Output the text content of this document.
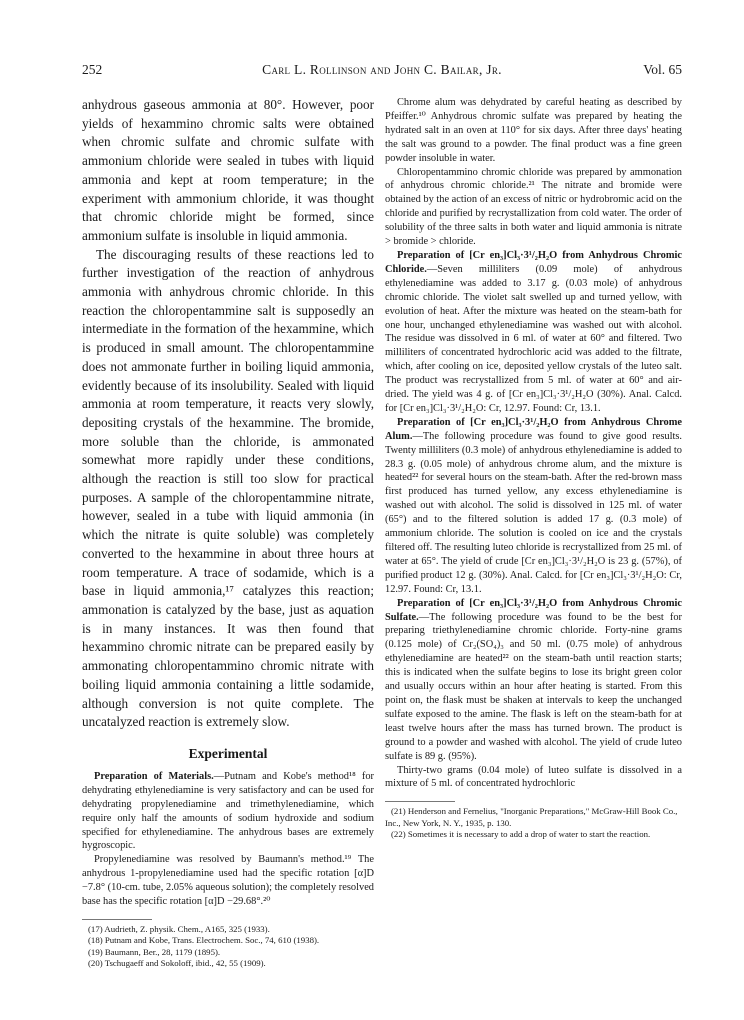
252	Carl L. Rollinson and John C. Bailar, Jr.	Vol. 65

anhydrous gaseous ammonia at 80°. However, poor yields of hexammino chromic salts were obtained when chromic sulfate and chromic sulfate with ammonium chloride were sealed in tubes with liquid ammonia and kept at room temperature; in the experiment with ammonium chloride, it was thought that chromic chloride might be formed, since ammonium sulfate is insoluble in liquid ammonia.

The discouraging results of these reactions led to further investigation of the reaction of anhydrous ammonia with anhydrous chromic chloride. In this reaction the chloropentammine salt is supposedly an intermediate in the formation of the hexammine, which is produced in small amount. The chloropentammine does not ammonate further in boiling liquid ammonia, evidently because of its insolubility. Sealed with liquid ammonia at room temperature, it reacts very slowly, depositing crystals of the hexammine. The bromide, more soluble than the chloride, is ammonated somewhat more rapidly under these conditions, although the reaction is still too slow for practical purposes. A sample of the chloropentammine nitrate, however, sealed in a tube with liquid ammonia (in which the nitrate is quite soluble) was completely converted to the hexammine in about three hours at room temperature. A trace of sodamide, which is a base in liquid ammonia,¹⁷ catalyzes this reaction; ammonation is catalyzed by the base, just as aquation is in many instances. It was then found that hexammino chromic nitrate can be prepared easily by ammonating chloropentammino chromic nitrate with boiling liquid ammonia containing a little sodamide, although conversion is not quite complete. The uncatalyzed reaction is extremely slow.

Experimental

Preparation of Materials.—Putnam and Kobe's method¹⁸ for dehydrating ethylenediamine is very satisfactory and can be used for dehydrating propylenediamine and trimethylenediamine, which require only half the amounts of sodium hydroxide and sodium specified for ethylenediamine. The anhydrous bases are extremely hygroscopic.

Propylenediamine was resolved by Baumann's method.¹⁹ The anhydrous 1-propylenediamine used had the specific rotation [α]D −7.8° (10-cm. tube, 2.05% aqueous solution); the completely resolved base has the specific rotation [α]D −29.68°.²⁰

(17) Audrieth, Z. physik. Chem., A165, 325 (1933).

(18) Putnam and Kobe, Trans. Electrochem. Soc., 74, 610 (1938).

(19) Baumann, Ber., 28, 1179 (1895).

(20) Tschugaeff and Sokoloff, ibid., 42, 55 (1909).

Chrome alum was dehydrated by careful heating as described by Pfeiffer.¹⁰ Anhydrous chromic sulfate was prepared by heating the hydrated salt in an oven at 110° for six days. After three days' heating the salt was ground to a powder. The final product was a fine green powder insoluble in water.

Chloropentammino chromic chloride was prepared by ammonation of anhydrous chromic chloride.²¹ The nitrate and bromide were obtained by the action of an excess of nitric or hydrobromic acid on the chloride and purified by recrystallization from cold water. The order of solubility of the three salts in both water and liquid ammonia is nitrate > bromide > chloride.

Preparation of [Cr en₃]Cl₃·3¹/₂H₂O from Anhydrous Chromic Chloride.—Seven milliliters (0.09 mole) of anhydrous ethylenediamine was added to 3.17 g. (0.03 mole) of anhydrous chromic chloride. The violet salt swelled up and turned yellow, with evolution of heat. After the mixture was heated on the steam-bath for one hour, unchanged ethylenediamine was washed out with alcohol. The residue was dissolved in 6 ml. of water at 60° and filtered. Two milliliters of concentrated hydrochloric acid was added to the filtrate, which, after cooling on ice, deposited yellow crystals of the luteo salt. The product was recrystallized from 5 ml. of water at 60° and air-dried. The yield was 4 g. of [Cr en₃]Cl₃·3¹/₂H₂O (30%). Anal. Calcd. for [Cr en₃]Cl₃·3¹/₂H₂O: Cr, 12.97. Found: Cr, 13.1.

Preparation of [Cr en₃]Cl₃·3¹/₂H₂O from Anhydrous Chrome Alum.—The following procedure was found to give good results. Twenty milliliters (0.3 mole) of anhydrous ethylenediamine is added to 28.3 g. (0.05 mole) of anhydrous chrome alum, and the mixture is heated²² for several hours on the steam-bath. After the red-brown mass first produced has turned yellow, any excess ethylenediamine is washed out with alcohol. The solid is dissolved in 125 ml. of water (65°) and to the filtered solution is added 17 g. (0.3 mole) of ammonium chloride. The solution is cooled on ice and the crystals filtered off. The resulting luteo chloride is recrystallized from 25 ml. of water at 65°. The yield of crude [Cr en₃]Cl₃·3¹/₂H₂O is 23 g. (57%), of purified product 12 g. (30%). Anal. Calcd. for [Cr en₃]Cl₃·3¹/₂H₂O: Cr, 12.97. Found: Cr, 13.1.

Preparation of [Cr en₃]Cl₃·3¹/₂H₂O from Anhydrous Chromic Sulfate.—The following procedure was found to be the best for preparing triethylenediamine chromic chloride. Forty-nine grams (0.125 mole) of Cr₂(SO₄)₃ and 50 ml. (0.75 mole) of anhydrous ethylenediamine are heated²² on the steam-bath until reaction starts; this is indicated when the sulfate begins to lose its bright green color and usually occurs within an hour after heating is started. From this point on, the flask must be shaken at intervals to keep the unchanged sulfate exposed to the amine. The flask is left on the steam-bath for at least twelve hours after the mass has turned brown. The product is ground to a powder and washed with alcohol. The yield of crude luteo sulfate is 89 g. (95%).

Thirty-two grams (0.04 mole) of luteo sulfate is dissolved in a mixture of 5 ml. of concentrated hydrochloric

(21) Henderson and Fernelius, "Inorganic Preparations," McGraw-Hill Book Co., Inc., New York, N. Y., 1935, p. 130.

(22) Sometimes it is necessary to add a drop of water to start the reaction.
